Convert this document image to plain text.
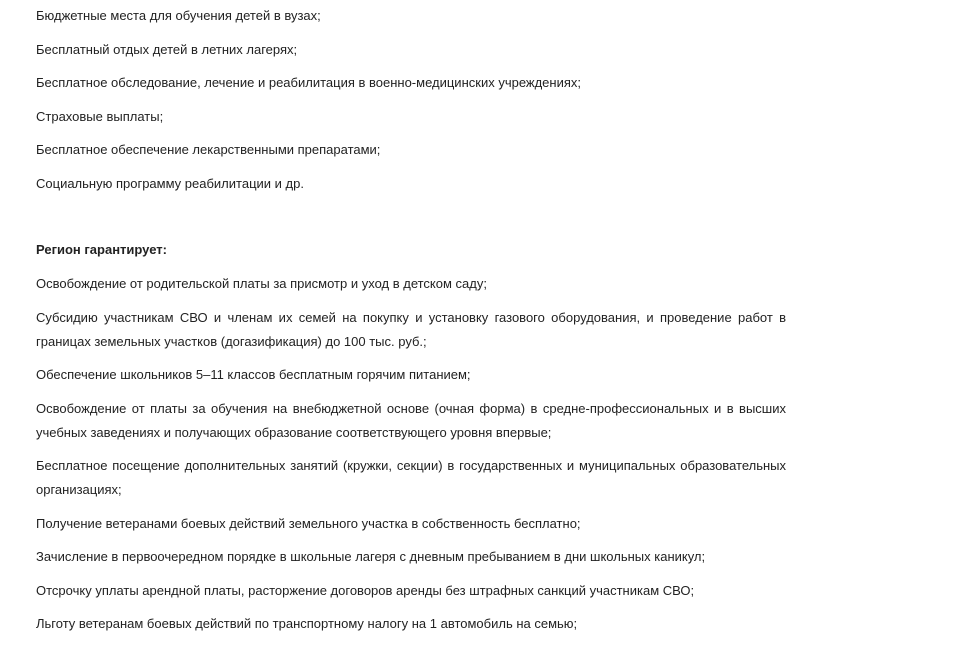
Бюджетные места для обучения детей в вузах;

Бесплатный отдых детей в летних лагерях;

Бесплатное обследование, лечение и реабилитация в военно-медицинских учреждениях;

Страховые выплаты;

Бесплатное обеспечение лекарственными препаратами;

Социальную программу реабилитации и др.

Регион гарантирует:

Освобождение от родительской платы за присмотр и уход в детском саду;

Субсидию участникам СВО и членам их семей на покупку и установку газового оборудования, и проведение работ в границах земельных участков (догазификация) до 100 тыс. руб.;

Обеспечение школьников 5–11 классов бесплатным горячим питанием;

Освобождение от платы за обучения на внебюджетной основе (очная форма) в средне-профессиональных и в высших учебных заведениях и получающих образование соответствующего уровня впервые;

Бесплатное посещение дополнительных занятий (кружки, секции) в государственных и муниципальных образовательных организациях;

Получение ветеранами боевых действий земельного участка в собственность бесплатно;

Зачисление в первоочередном порядке в школьные лагеря с дневным пребыванием в дни школьных каникул;

Отсрочку уплаты арендной платы, расторжение договоров аренды без штрафных санкций участникам СВО;

Льготу ветеранам боевых действий по транспортному налогу на 1 автомобиль на семью;
